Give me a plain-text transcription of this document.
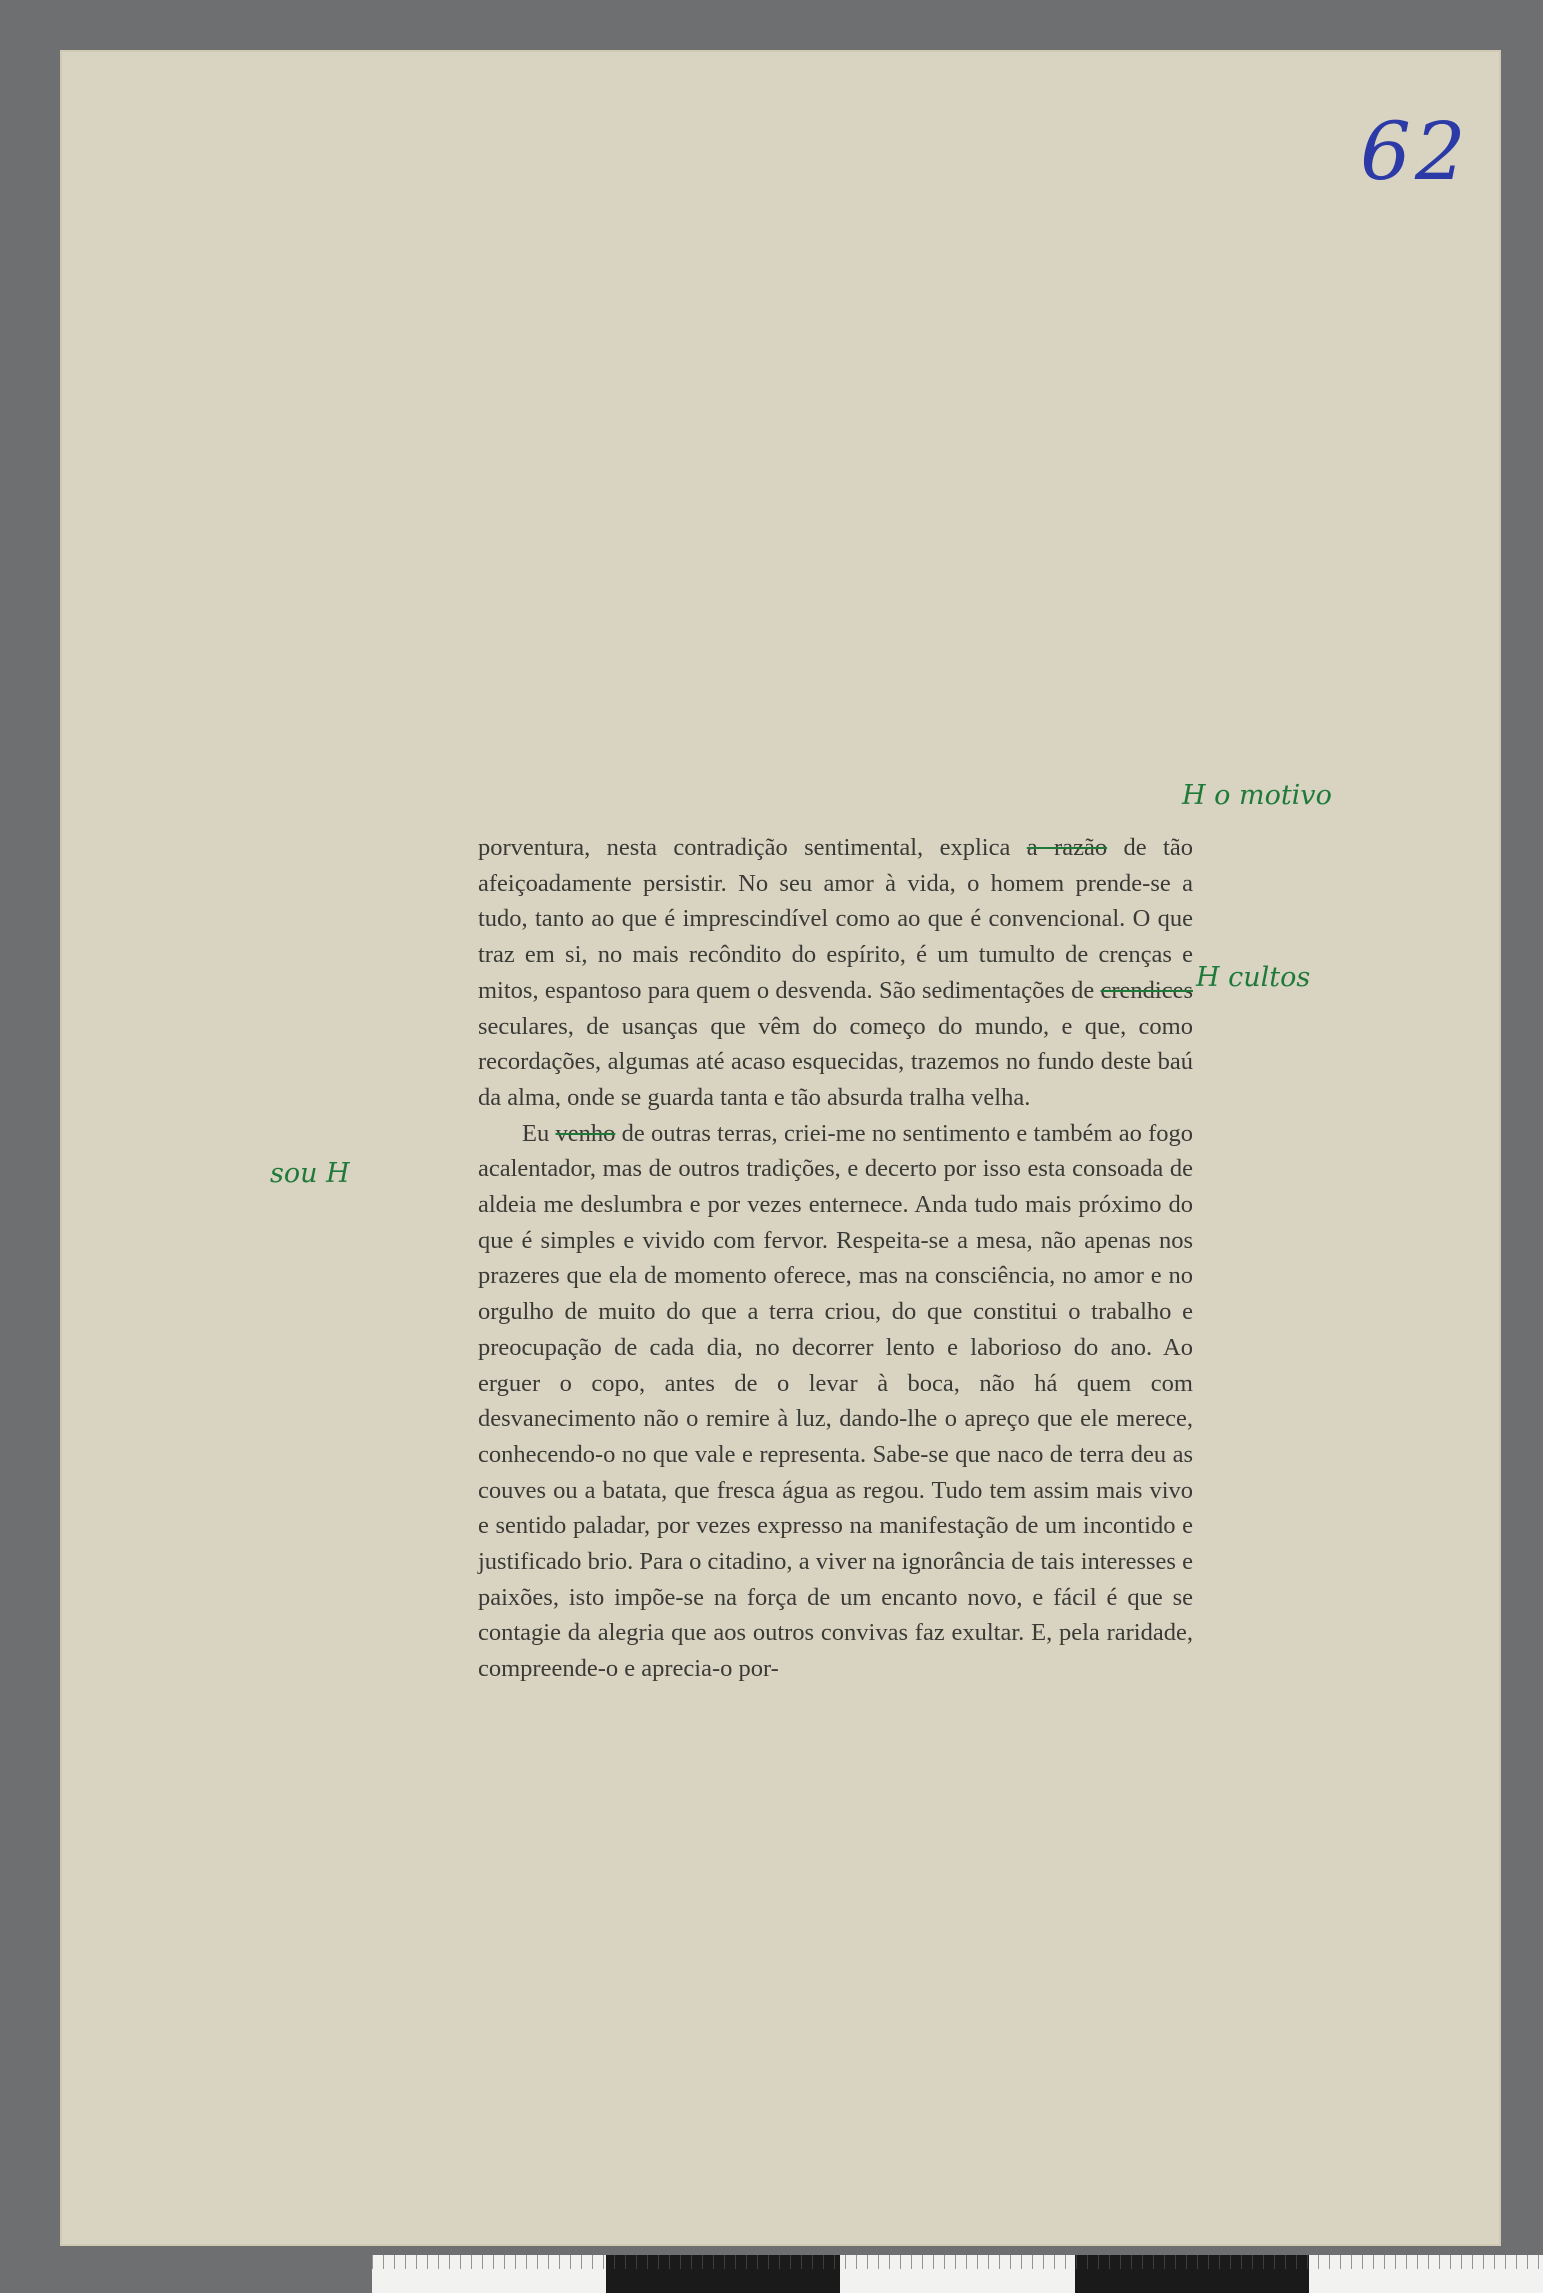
62

porventura, nesta contradição sentimental, explica a razão de tão afeiçoadamente persistir. No seu amor à vida, o homem prende-se a tudo, tanto ao que é imprescindível como ao que é convencional. O que traz em si, no mais recôndito do espírito, é um tumulto de crenças e mitos, espantoso para quem o desvenda. São sedimentações de crendices seculares, de usanças que vêm do começo do mundo, e que, como recordações, algumas até acaso esquecidas, trazemos no fundo deste baú da alma, onde se guarda tanta e tão absurda tralha velha.

Eu venho de outras terras, criei-me no sentimento e também ao fogo acalentador, mas de outros tradições, e decerto por isso esta consoada de aldeia me deslumbra e por vezes enternece. Anda tudo mais próximo do que é simples e vivido com fervor. Respeita-se a mesa, não apenas nos prazeres que ela de momento oferece, mas na consciência, no amor e no orgulho de muito do que a terra criou, do que constitui o trabalho e preocupação de cada dia, no decorrer lento e laborioso do ano. Ao erguer o copo, antes de o levar à boca, não há quem com desvanecimento não o remire à luz, dando-lhe o apreço que ele merece, conhecendo-o no que vale e representa. Sabe-se que naco de terra deu as couves ou a batata, que fresca água as regou. Tudo tem assim mais vivo e sentido paladar, por vezes expresso na manifestação de um incontido e justificado brio. Para o citadino, a viver na ignorância de tais interesses e paixões, isto impõe-se na força de um encanto novo, e fácil é que se contagie da alegria que aos outros convivas faz exultar. E, pela raridade, compreende-o e aprecia-o por-

H o motivo
H cultos
sou H
